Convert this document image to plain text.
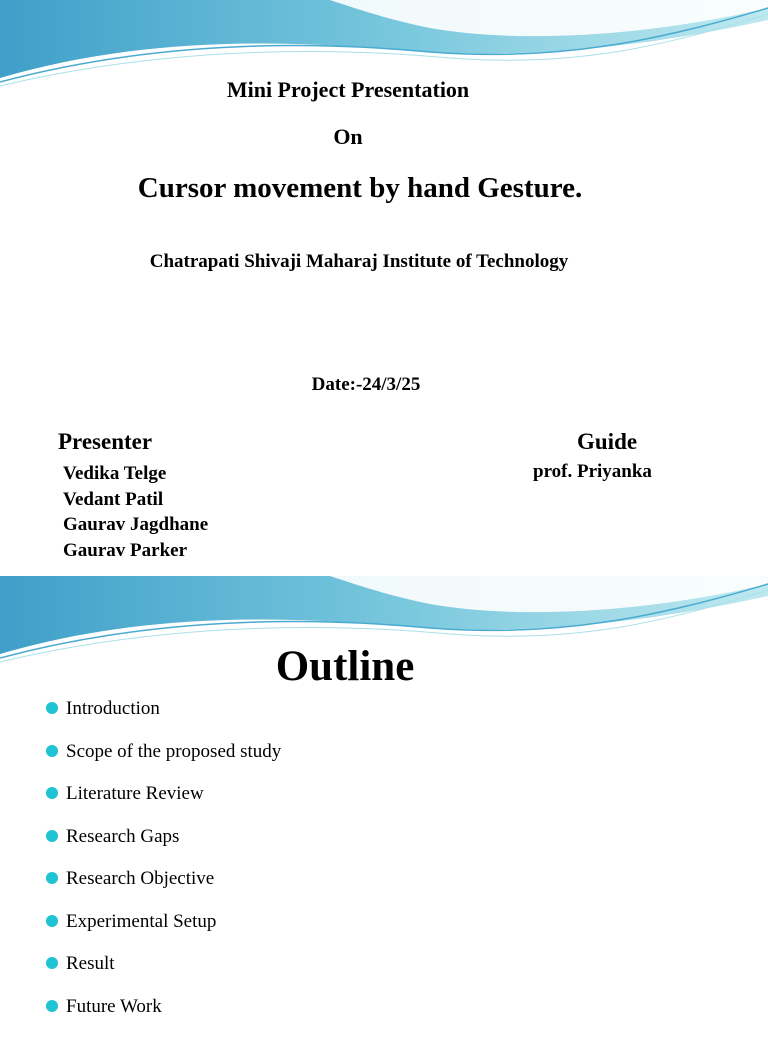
Mini Project Presentation
On
Cursor movement by hand Gesture.
Chatrapati Shivaji Maharaj Institute of Technology
Date:-24/3/25
Presenter
Vedika Telge
Vedant Patil
Gaurav Jagdhane
Gaurav Parker
Guide
prof. Priyanka
Outline
Introduction
Scope of the proposed study
Literature Review
Research Gaps
Research Objective
Experimental Setup
Result
Future Work
